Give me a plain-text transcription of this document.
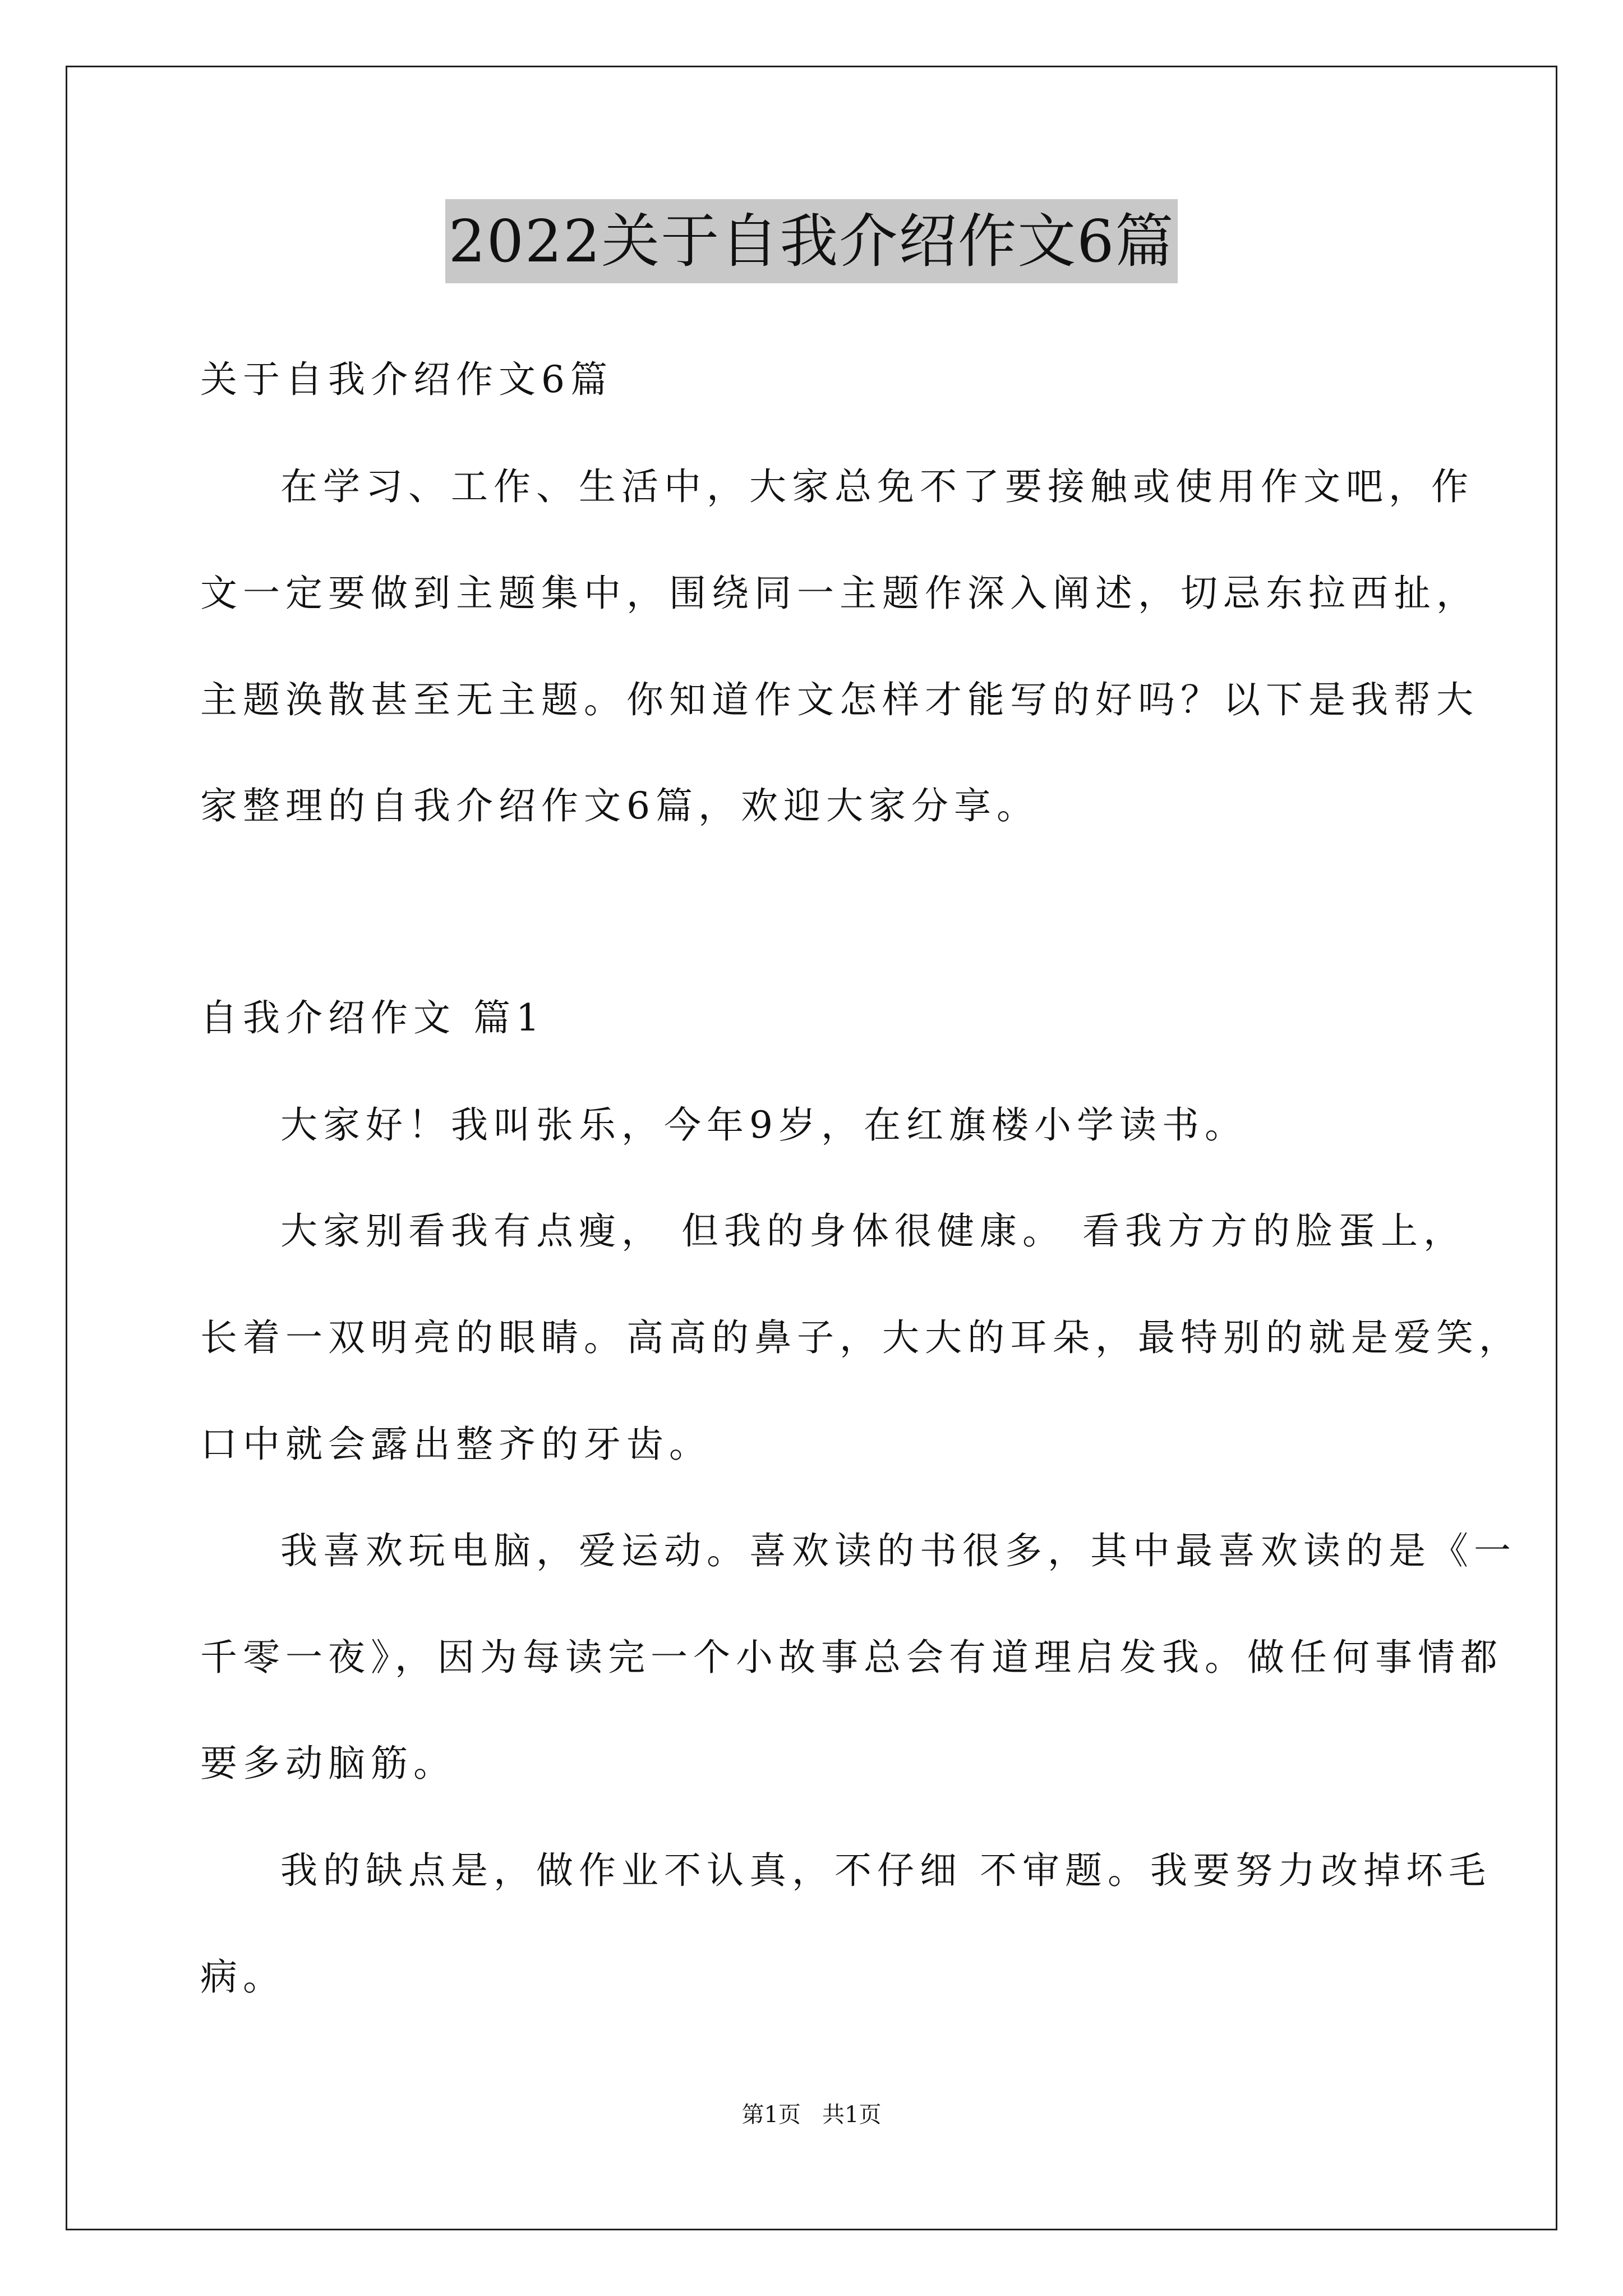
2022关于自我介绍作文6篇
关于自我介绍作文6篇
在学习、工作、生活中，大家总免不了要接触或使用作文吧，作
文一定要做到主题集中，围绕同一主题作深入阐述，切忌东拉西扯，
主题涣散甚至无主题。你知道作文怎样才能写的好吗？以下是我帮大
家整理的自我介绍作文6篇，欢迎大家分享。
自我介绍作文 篇1
大家好！我叫张乐，今年9岁，在红旗楼小学读书。
大家别看我有点瘦， 但我的身体很健康。 看我方方的脸蛋上，
长着一双明亮的眼睛。高高的鼻子，大大的耳朵，最特别的就是爱笑，
口中就会露出整齐的牙齿。
我喜欢玩电脑，爱运动。喜欢读的书很多，其中最喜欢读的是《一
千零一夜》，因为每读完一个小故事总会有道理启发我。做任何事情都
要多动脑筋。
我的缺点是，做作业不认真，不仔细 不审题。我要努力改掉坏毛
病。
第1页   共1页
